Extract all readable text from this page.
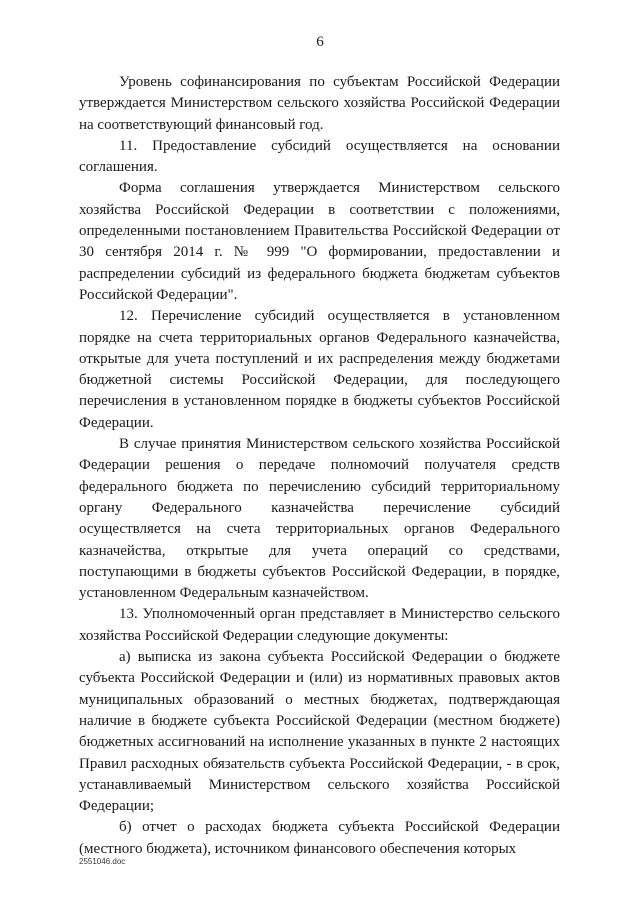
6

Уровень софинансирования по субъектам Российской Федерации утверждается Министерством сельского хозяйства Российской Федерации на соответствующий финансовый год.

11. Предоставление субсидий осуществляется на основании соглашения.

Форма соглашения утверждается Министерством сельского хозяйства Российской Федерации в соответствии с положениями, определенными постановлением Правительства Российской Федерации от 30 сентября 2014 г. № 999 "О формировании, предоставлении и распределении субсидий из федерального бюджета бюджетам субъектов Российской Федерации".

12. Перечисление субсидий осуществляется в установленном порядке на счета территориальных органов Федерального казначейства, открытые для учета поступлений и их распределения между бюджетами бюджетной системы Российской Федерации, для последующего перечисления в установленном порядке в бюджеты субъектов Российской Федерации.

В случае принятия Министерством сельского хозяйства Российской Федерации решения о передаче полномочий получателя средств федерального бюджета по перечислению субсидий территориальному органу Федерального казначейства перечисление субсидий осуществляется на счета территориальных органов Федерального казначейства, открытые для учета операций со средствами, поступающими в бюджеты субъектов Российской Федерации, в порядке, установленном Федеральным казначейством.

13. Уполномоченный орган представляет в Министерство сельского хозяйства Российской Федерации следующие документы:

а) выписка из закона субъекта Российской Федерации о бюджете субъекта Российской Федерации и (или) из нормативных правовых актов муниципальных образований о местных бюджетах, подтверждающая наличие в бюджете субъекта Российской Федерации (местном бюджете) бюджетных ассигнований на исполнение указанных в пункте 2 настоящих Правил расходных обязательств субъекта Российской Федерации, - в срок, устанавливаемый Министерством сельского хозяйства Российской Федерации;

б) отчет о расходах бюджета субъекта Российской Федерации (местного бюджета), источником финансового обеспечения которых

2551046.doc
